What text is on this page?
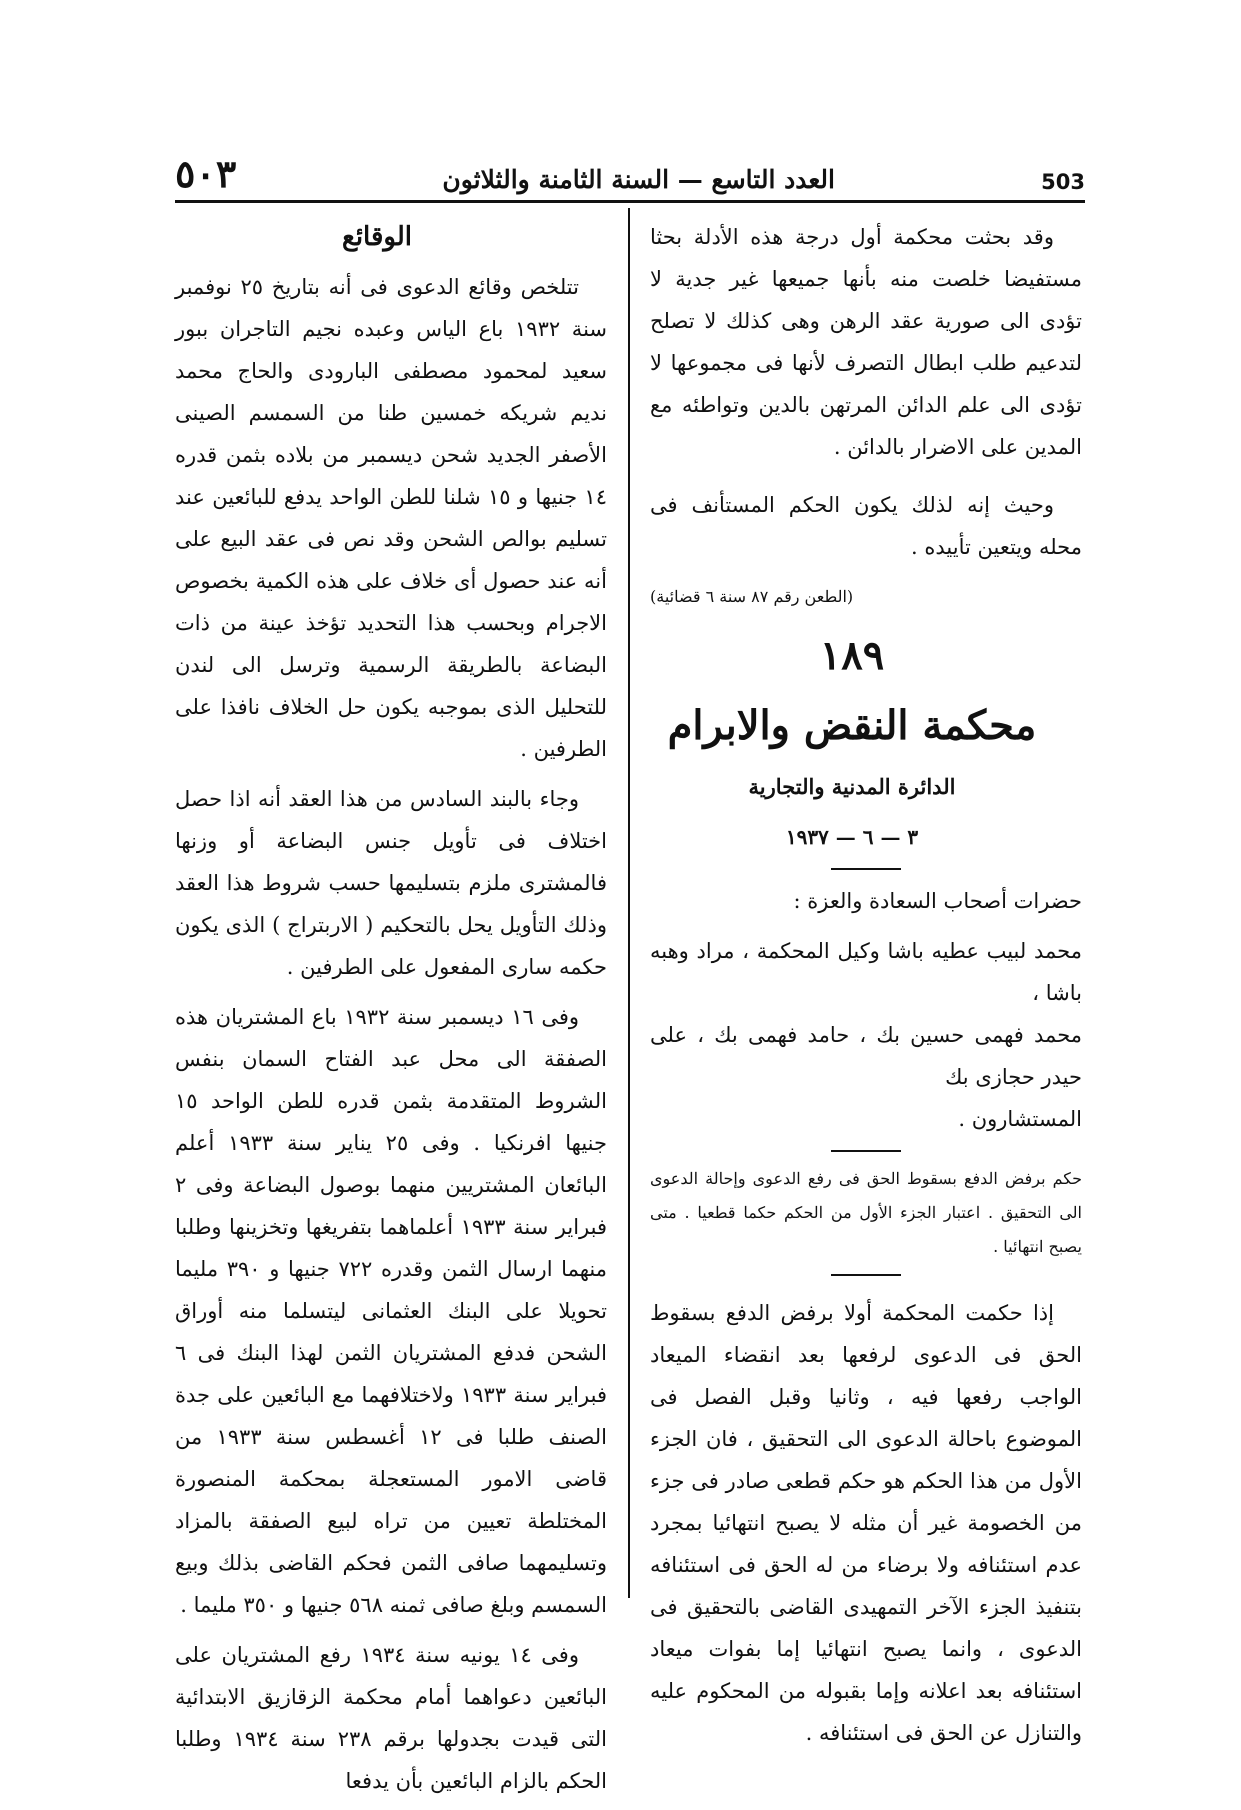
٥٠٣	العدد التاسع — السنة الثامنة والثلاثون	503

وقد بحثت محكمة أول درجة هذه الأدلة بحثا مستفيضا خلصت منه بأنها جميعها غير جدية لا تؤدى الى صورية عقد الرهن وهى كذلك لا تصلح لتدعيم طلب ابطال التصرف لأنها فى مجموعها لا تؤدى الى علم الدائن المرتهن بالدين وتواطئه مع المدين على الاضرار بالدائن .

وحيث إنه لذلك يكون الحكم المستأنف فى محله ويتعين تأييده .

(الطعن رقم ٨٧ سنة ٦ قضائية)

١٨٩

محكمة النقض والابرام

الدائرة المدنية والتجارية

٣ — ٦ — ١٩٣٧

حضرات أصحاب السعادة والعزة :

محمد لبيب عطيه باشا وكيل المحكمة ، مراد وهبه باشا ،

محمد فهمى حسين بك ، حامد فهمى بك ، على حيدر حجازى بك

المستشارون .

حكم برفض الدفع بسقوط الحق فى رفع الدعوى وإحالة الدعوى الى التحقيق . اعتبار الجزء الأول من الحكم حكما قطعيا . متى يصبح انتهائيا .

إذا حكمت المحكمة أولا برفض الدفع بسقوط الحق فى الدعوى لرفعها بعد انقضاء الميعاد الواجب رفعها فيه ، وثانيا وقبل الفصل فى الموضوع باحالة الدعوى الى التحقيق ، فان الجزء الأول من هذا الحكم هو حكم قطعى صادر فى جزء من الخصومة غير أن مثله لا يصبح انتهائيا بمجرد عدم استئنافه ولا برضاء من له الحق فى استئنافه بتنفيذ الجزء الآخر التمهيدى القاضى بالتحقيق فى الدعوى ، وانما يصبح انتهائيا إما بفوات ميعاد استئنافه بعد اعلانه وإما بقبوله من المحكوم عليه والتنازل عن الحق فى استئنافه .

الوقائع

تتلخص وقائع الدعوى فى أنه بتاريخ ٢٥ نوفمبر سنة ١٩٣٢ باع الياس وعبده نجيم التاجران ببور سعيد لمحمود مصطفى البارودى والحاج محمد نديم شريكه خمسين طنا من السمسم الصينى الأصفر الجديد شحن ديسمبر من بلاده بثمن قدره ١٤ جنيها و ١٥ شلنا للطن الواحد يدفع للبائعين عند تسليم بوالص الشحن وقد نص فى عقد البيع على أنه عند حصول أى خلاف على هذه الكمية بخصوص الاجرام وبحسب هذا التحديد تؤخذ عينة من ذات البضاعة بالطريقة الرسمية وترسل الى لندن للتحليل الذى بموجبه يكون حل الخلاف نافذا على الطرفين .

وجاء بالبند السادس من هذا العقد أنه اذا حصل اختلاف فى تأويل جنس البضاعة أو وزنها فالمشترى ملزم بتسليمها حسب شروط هذا العقد وذلك التأويل يحل بالتحكيم ( الاربتراج ) الذى يكون حكمه سارى المفعول على الطرفين .

وفى ١٦ ديسمبر سنة ١٩٣٢ باع المشتريان هذه الصفقة الى محل عبد الفتاح السمان بنفس الشروط المتقدمة بثمن قدره للطن الواحد ١٥ جنيها افرنكيا . وفى ٢٥ يناير سنة ١٩٣٣ أعلم البائعان المشتريين منهما بوصول البضاعة وفى ٢ فبراير سنة ١٩٣٣ أعلماهما بتفريغها وتخزينها وطلبا منهما ارسال الثمن وقدره ٧٢٢ جنيها و ٣٩٠ مليما تحويلا على البنك العثمانى ليتسلما منه أوراق الشحن فدفع المشتريان الثمن لهذا البنك فى ٦ فبراير سنة ١٩٣٣ ولاختلافهما مع البائعين على جدة الصنف طلبا فى ١٢ أغسطس سنة ١٩٣٣ من قاضى الامور المستعجلة بمحكمة المنصورة المختلطة تعيين من تراه لبيع الصفقة بالمزاد وتسليمهما صافى الثمن فحكم القاضى بذلك وبيع السمسم وبلغ صافى ثمنه ٥٦٨ جنيها و ٣٥٠ مليما .

وفى ١٤ يونيه سنة ١٩٣٤ رفع المشتريان على البائعين دعواهما أمام محكمة الزقازيق الابتدائية التى قيدت بجدولها برقم ٢٣٨ سنة ١٩٣٤ وطلبا الحكم بالزام البائعين بأن يدفعا
